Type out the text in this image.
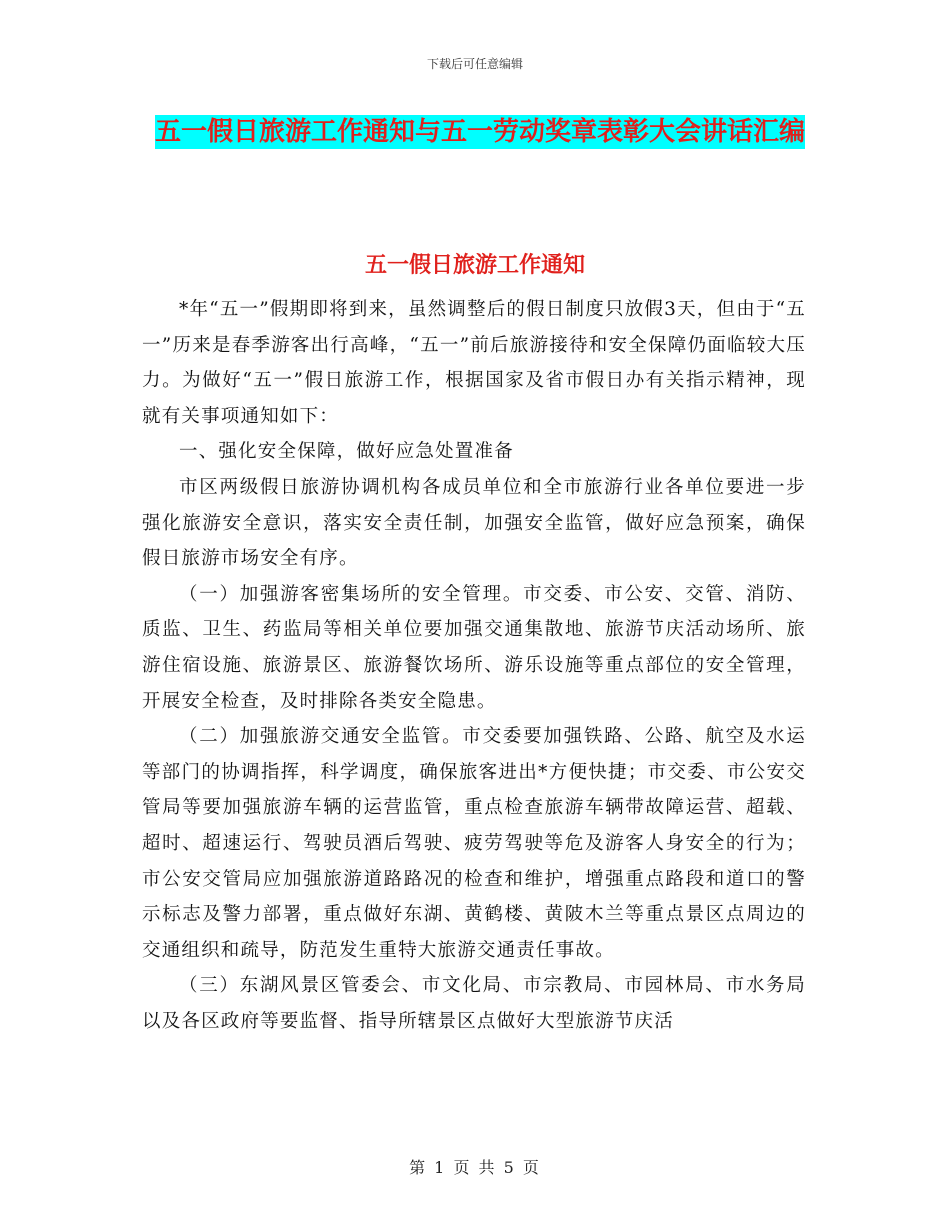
下载后可任意编辑
五一假日旅游工作通知与五一劳动奖章表彰大会讲话汇编
五一假日旅游工作通知

*年“五一”假期即将到来，虽然调整后的假日制度只放假3天，但由于“五一”历来是春季游客出行高峰，“五一”前后旅游接待和安全保障仍面临较大压力。为做好“五一”假日旅游工作，根据国家及省市假日办有关指示精神，现就有关事项通知如下：

一、强化安全保障，做好应急处置准备

市区两级假日旅游协调机构各成员单位和全市旅游行业各单位要进一步强化旅游安全意识，落实安全责任制，加强安全监管，做好应急预案，确保假日旅游市场安全有序。

（一）加强游客密集场所的安全管理。市交委、市公安、交管、消防、质监、卫生、药监局等相关单位要加强交通集散地、旅游节庆活动场所、旅游住宿设施、旅游景区、旅游餐饮场所、游乐设施等重点部位的安全管理，开展安全检查，及时排除各类安全隐患。

（二）加强旅游交通安全监管。市交委要加强铁路、公路、航空及水运等部门的协调指挥，科学调度，确保旅客进出*方便快捷；市交委、市公安交管局等要加强旅游车辆的运营监管，重点检查旅游车辆带故障运营、超载、超时、超速运行、驾驶员酒后驾驶、疲劳驾驶等危及游客人身安全的行为；市公安交管局应加强旅游道路路况的检查和维护，增强重点路段和道口的警示标志及警力部署，重点做好东湖、黄鹤楼、黄陂木兰等重点景区点周边的交通组织和疏导，防范发生重特大旅游交通责任事故。

（三）东湖风景区管委会、市文化局、市宗教局、市园林局、市水务局以及各区政府等要监督、指导所辖景区点做好大型旅游节庆活

第 1 页 共 5 页
